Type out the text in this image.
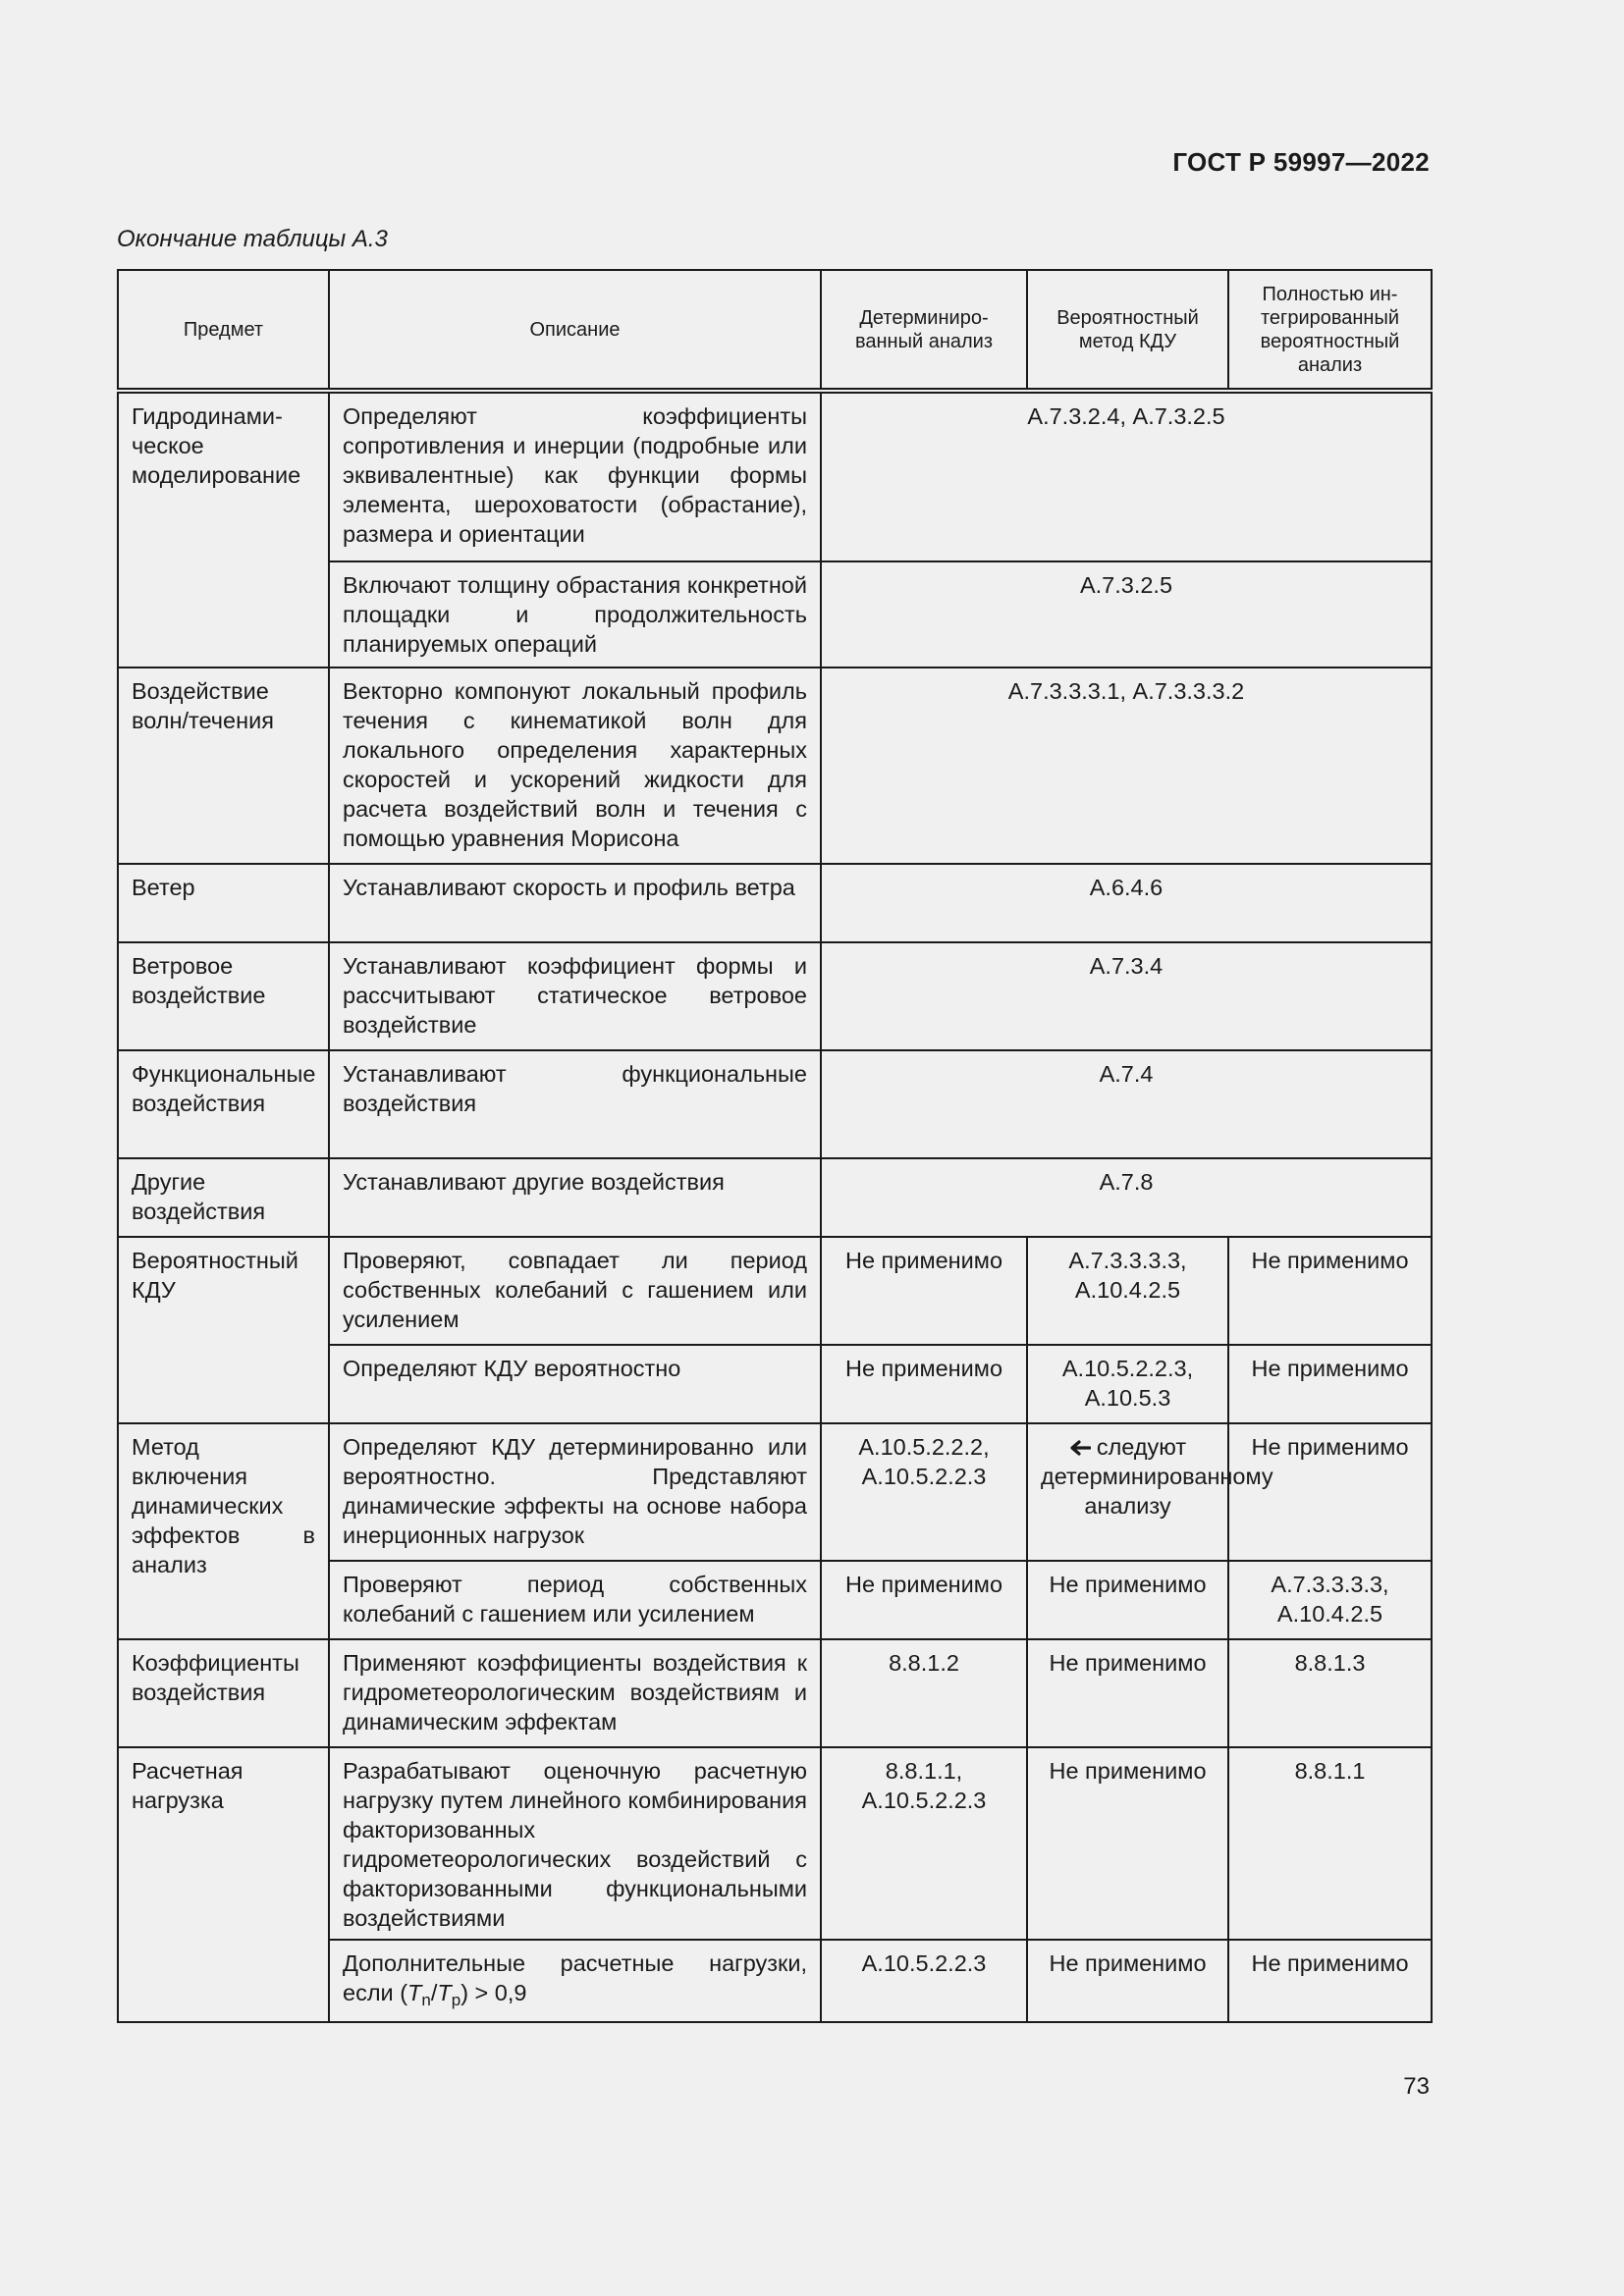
ГОСТ Р 59997—2022
Окончание таблицы А.3
Предмет	Описание	Детерминиро-ванный анализ	Вероятностный метод КДУ	Полностью ин-тегрированный вероятностный анализ
Гидродинами-ческое моделирование	Определяют коэффициенты сопротивления и инерции (подробные или эквивалентные) как функции формы элемента, шероховатости (обрастание), размера и ориентации	А.7.3.2.4, А.7.3.2.5		
	Включают толщину обрастания конкретной площадки и продолжительность планируемых операций	А.7.3.2.5		
Воздействие волн/течения	Векторно компонуют локальный профиль течения с кинематикой волн для локального определения характерных скоростей и ускорений жидкости для расчета воздействий волн и течения с помощью уравнения Морисона	А.7.3.3.3.1, А.7.3.3.3.2		
Ветер	Устанавливают скорость и профиль ветра	А.6.4.6		
Ветровое воздействие	Устанавливают коэффициент формы и рассчитывают статическое ветровое воздействие	А.7.3.4		
Функциональные воздействия	Устанавливают функциональные воздействия	А.7.4		
Другие воздействия	Устанавливают другие воздействия	А.7.8		
Вероятностный КДУ	Проверяют, совпадает ли период собственных колебаний с гашением или усилением	Не применимо	А.7.3.3.3.3, А.10.4.2.5	Не применимо
	Определяют КДУ вероятностно	Не применимо	А.10.5.2.2.3, А.10.5.3	Не применимо
Метод включения динамических эффектов в анализ	Определяют КДУ детерминированно или вероятностно. Представляют динамические эффекты на основе набора инерционных нагрузок	А.10.5.2.2.2, А.10.5.2.2.3	следуют детерминированному анализу	Не применимо
	Проверяют период собственных колебаний с гашением или усилением	Не применимо	Не применимо	А.7.3.3.3.3, А.10.4.2.5
Коэффициенты воздействия	Применяют коэффициенты воздействия к гидрометеорологическим воздействиям и динамическим эффектам	8.8.1.2	Не применимо	8.8.1.3
Расчетная нагрузка	Разрабатывают оценочную расчетную нагрузку путем линейного комбинирования факторизованных гидрометеорологических воздействий с факторизованными функциональными воздействиями	8.8.1.1, А.10.5.2.2.3	Не применимо	8.8.1.1
	Дополнительные расчетные нагрузки, если $(T_n/T_p) > 0,9$	А.10.5.2.2.3	Не применимо	Не применимо
73
